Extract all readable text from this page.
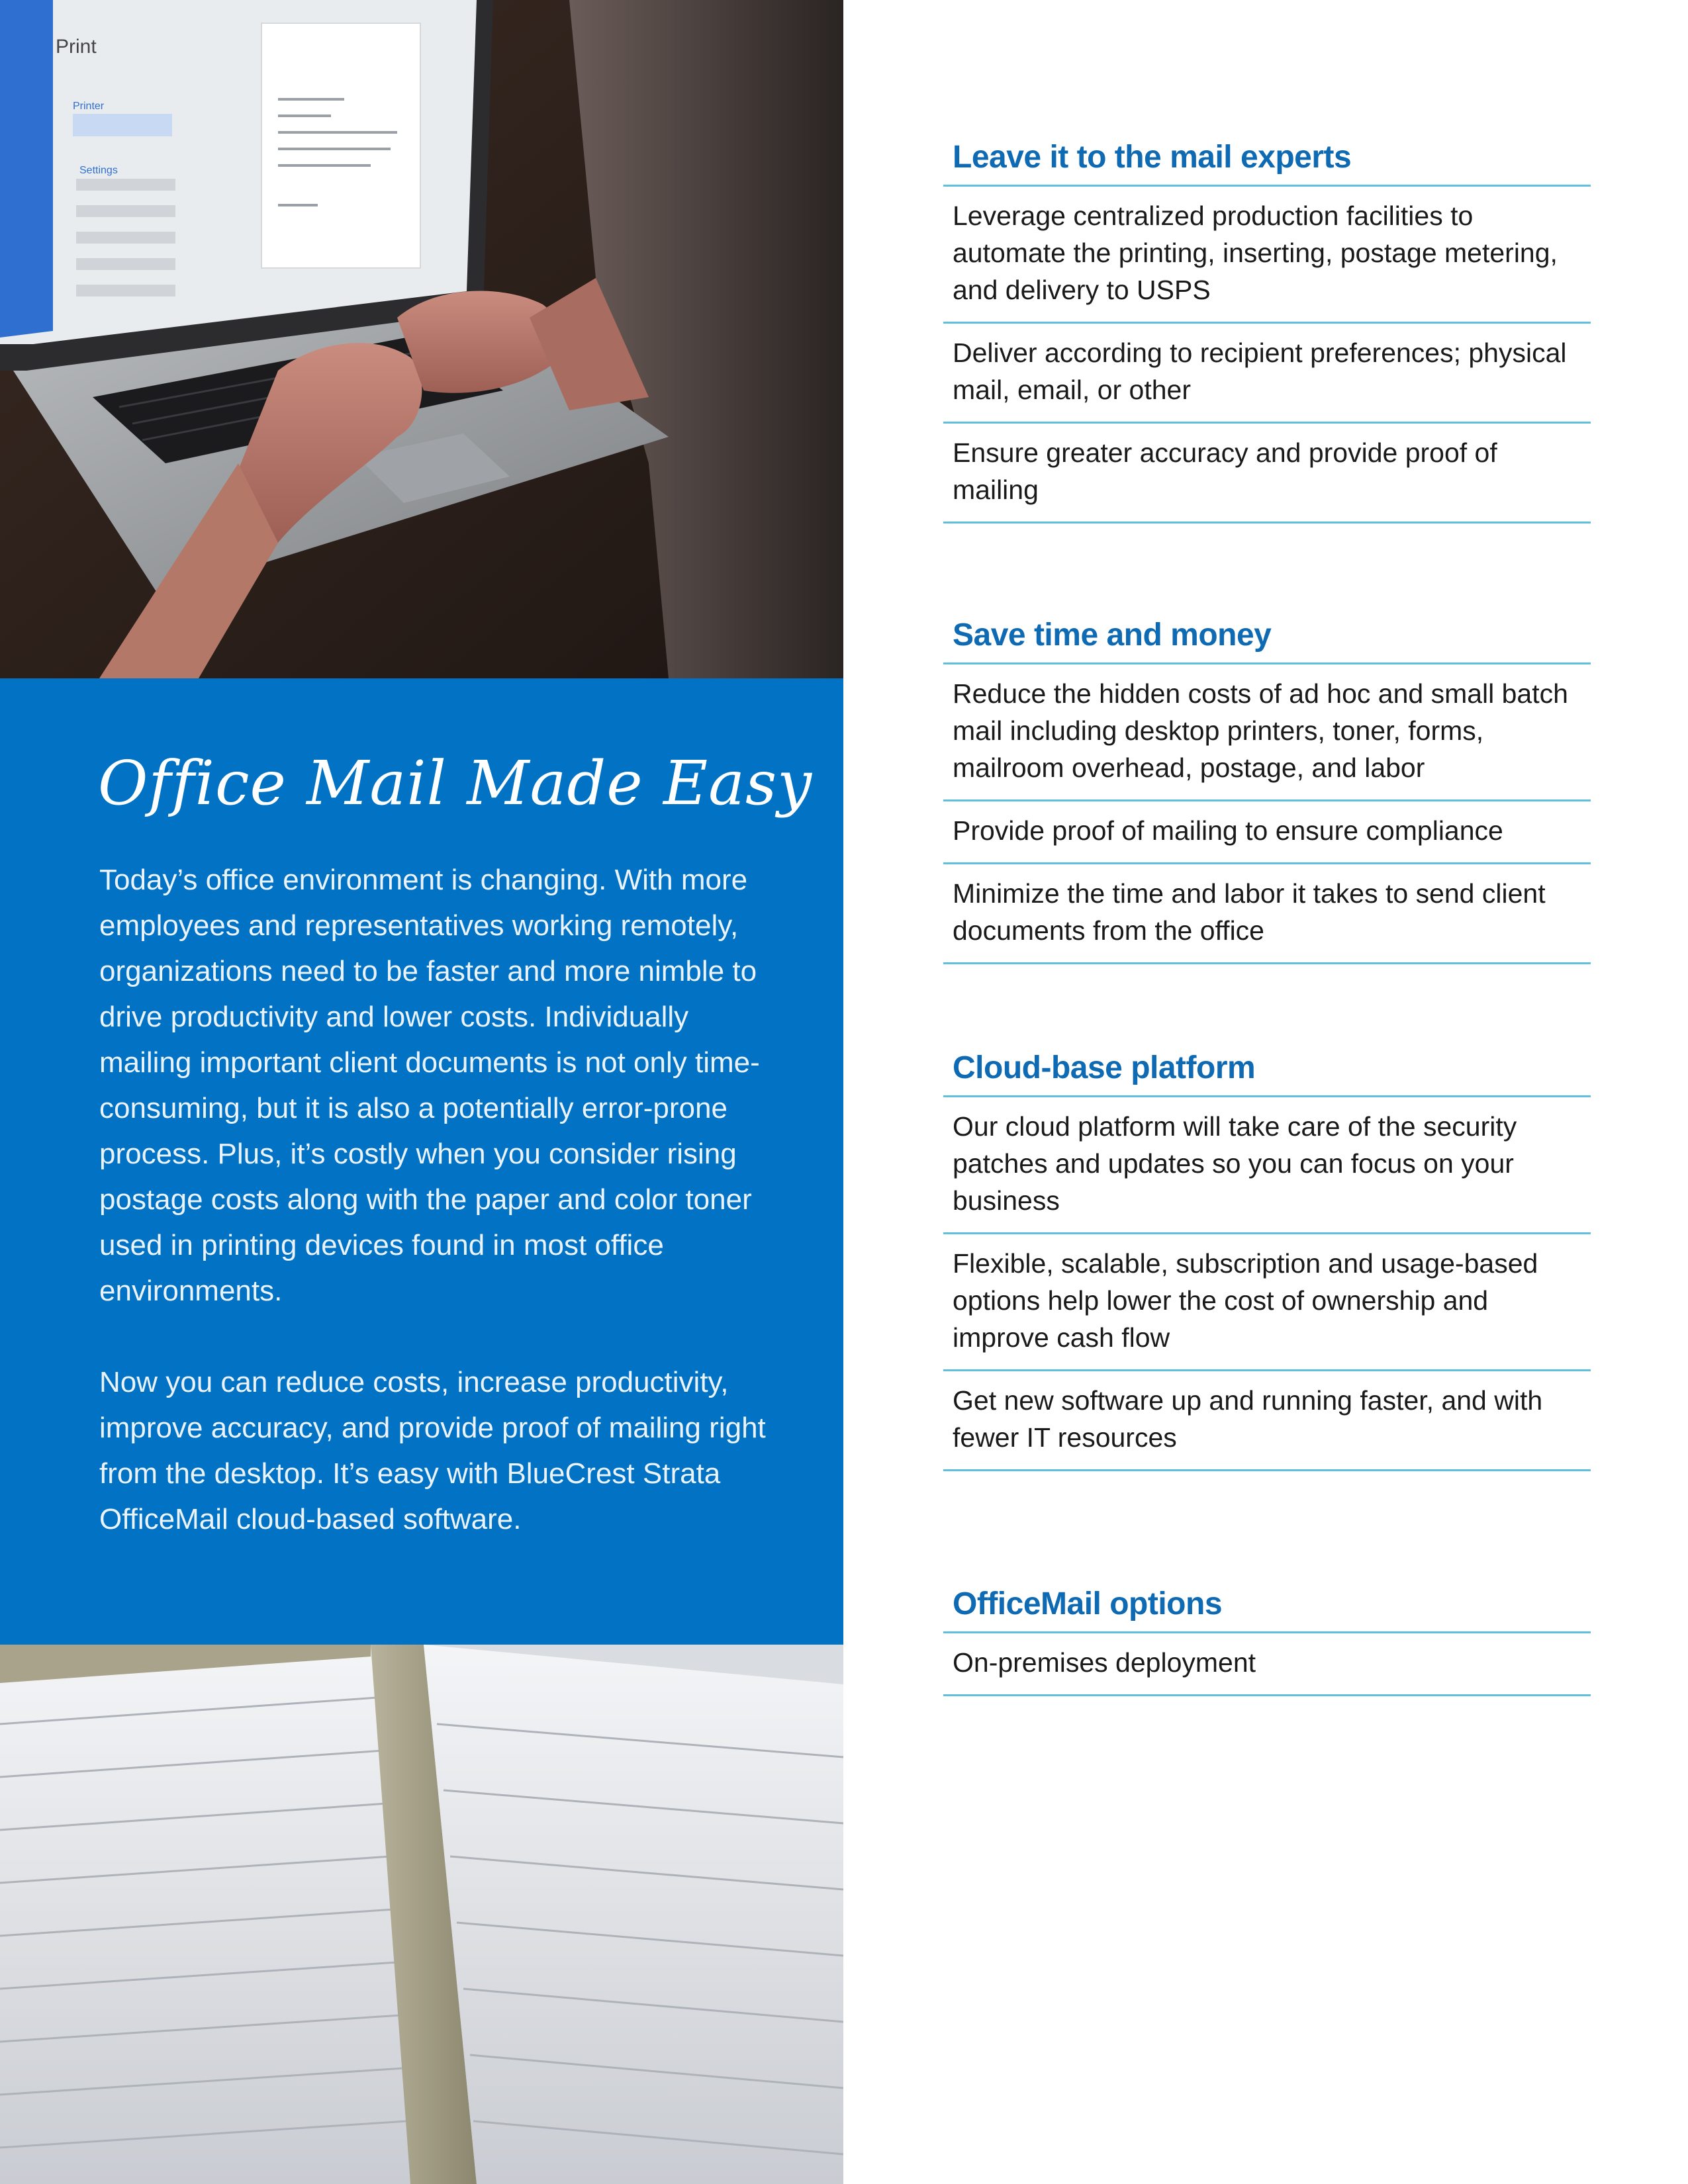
Print
Printer
Settings
Office Mail Made Easy

Today’s office environment is changing. With more employees and representatives working remotely, organizations need to be faster and more nimble to drive productivity and lower costs. Individually mailing important client documents is not only time-consuming, but it is also a potentially error-prone process. Plus, it’s costly when you consider rising postage costs along with the paper and color toner used in printing devices found in most office environments.

Now you can reduce costs, increase productivity, improve accuracy, and provide proof of mailing right from the desktop. It’s easy with BlueCrest Strata OfficeMail cloud-based software.

Leave it to the mail experts
Leverage centralized production facilities to automate the printing, inserting, postage metering, and delivery to USPS
Deliver according to recipient preferences; physical mail, email, or other
Ensure greater accuracy and provide proof of mailing
Save time and money
Reduce the hidden costs of ad hoc and small batch mail including desktop printers, toner, forms, mailroom overhead, postage, and labor
Provide proof of mailing to ensure compliance
Minimize the time and labor it takes to send client documents from the office
Cloud-base platform
Our cloud platform will take care of the security patches and updates so you can focus on your business
Flexible, scalable, subscription and usage-based options help lower the cost of ownership and improve cash flow
Get new software up and running faster, and with fewer IT resources
OfficeMail options
On-premises deployment
